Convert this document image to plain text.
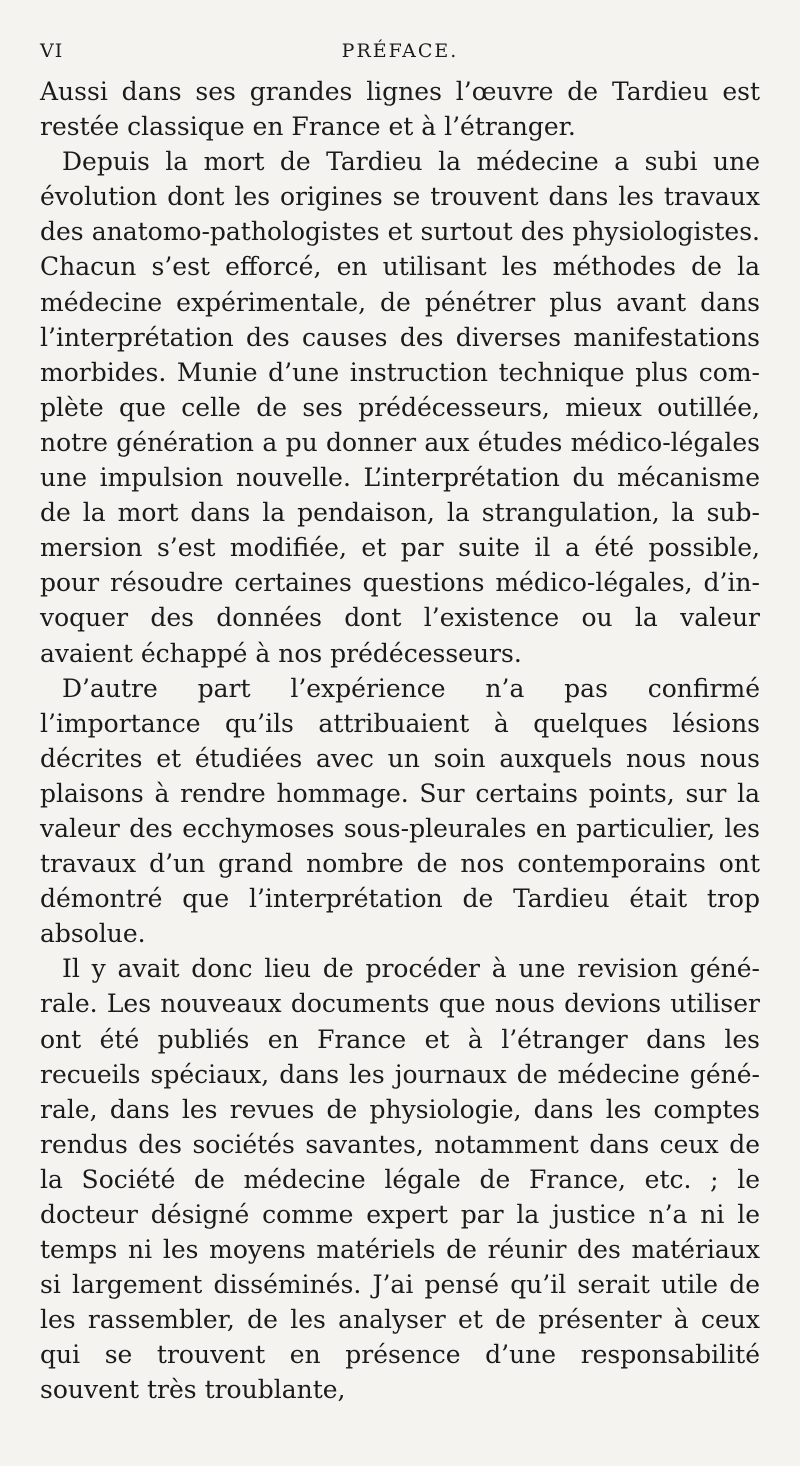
VI	PRÉFACE.

Aussi dans ses grandes lignes l’œuvre de Tardieu est restée classique en France et à l’étranger.

Depuis la mort de Tardieu la médecine a subi une évolution dont les origines se trouvent dans les travaux des anatomo-pathologistes et surtout des physiologistes. Chacun s’est efforcé, en utilisant les méthodes de la médecine expérimentale, de pénétrer plus avant dans l’interprétation des causes des diverses manifestations morbides. Munie d’une instruction technique plus complète que celle de ses prédécesseurs, mieux outillée, notre génération a pu donner aux études médico-légales une impulsion nouvelle. L’interprétation du mécanisme de la mort dans la pendaison, la strangulation, la submersion s’est modifiée, et par suite il a été possible, pour résoudre certaines questions médico-légales, d’invoquer des données dont l’existence ou la valeur avaient échappé à nos prédécesseurs.

D’autre part l’expérience n’a pas confirmé l’importance qu’ils attribuaient à quelques lésions décrites et étudiées avec un soin auxquels nous nous plaisons à rendre hommage. Sur certains points, sur la valeur des ecchymoses sous-pleurales en particulier, les travaux d’un grand nombre de nos contemporains ont démontré que l’interprétation de Tardieu était trop absolue.

Il y avait donc lieu de procéder à une revision générale. Les nouveaux documents que nous devions utiliser ont été publiés en France et à l’étranger dans les recueils spéciaux, dans les journaux de médecine générale, dans les revues de physiologie, dans les comptes rendus des sociétés savantes, notamment dans ceux de la Société de médecine légale de France, etc. ; le docteur désigné comme expert par la justice n’a ni le temps ni les moyens matériels de réunir des matériaux si largement disséminés. J’ai pensé qu’il serait utile de les rassembler, de les analyser et de présenter à ceux qui se trouvent en présence d’une responsabilité souvent très troublante,
